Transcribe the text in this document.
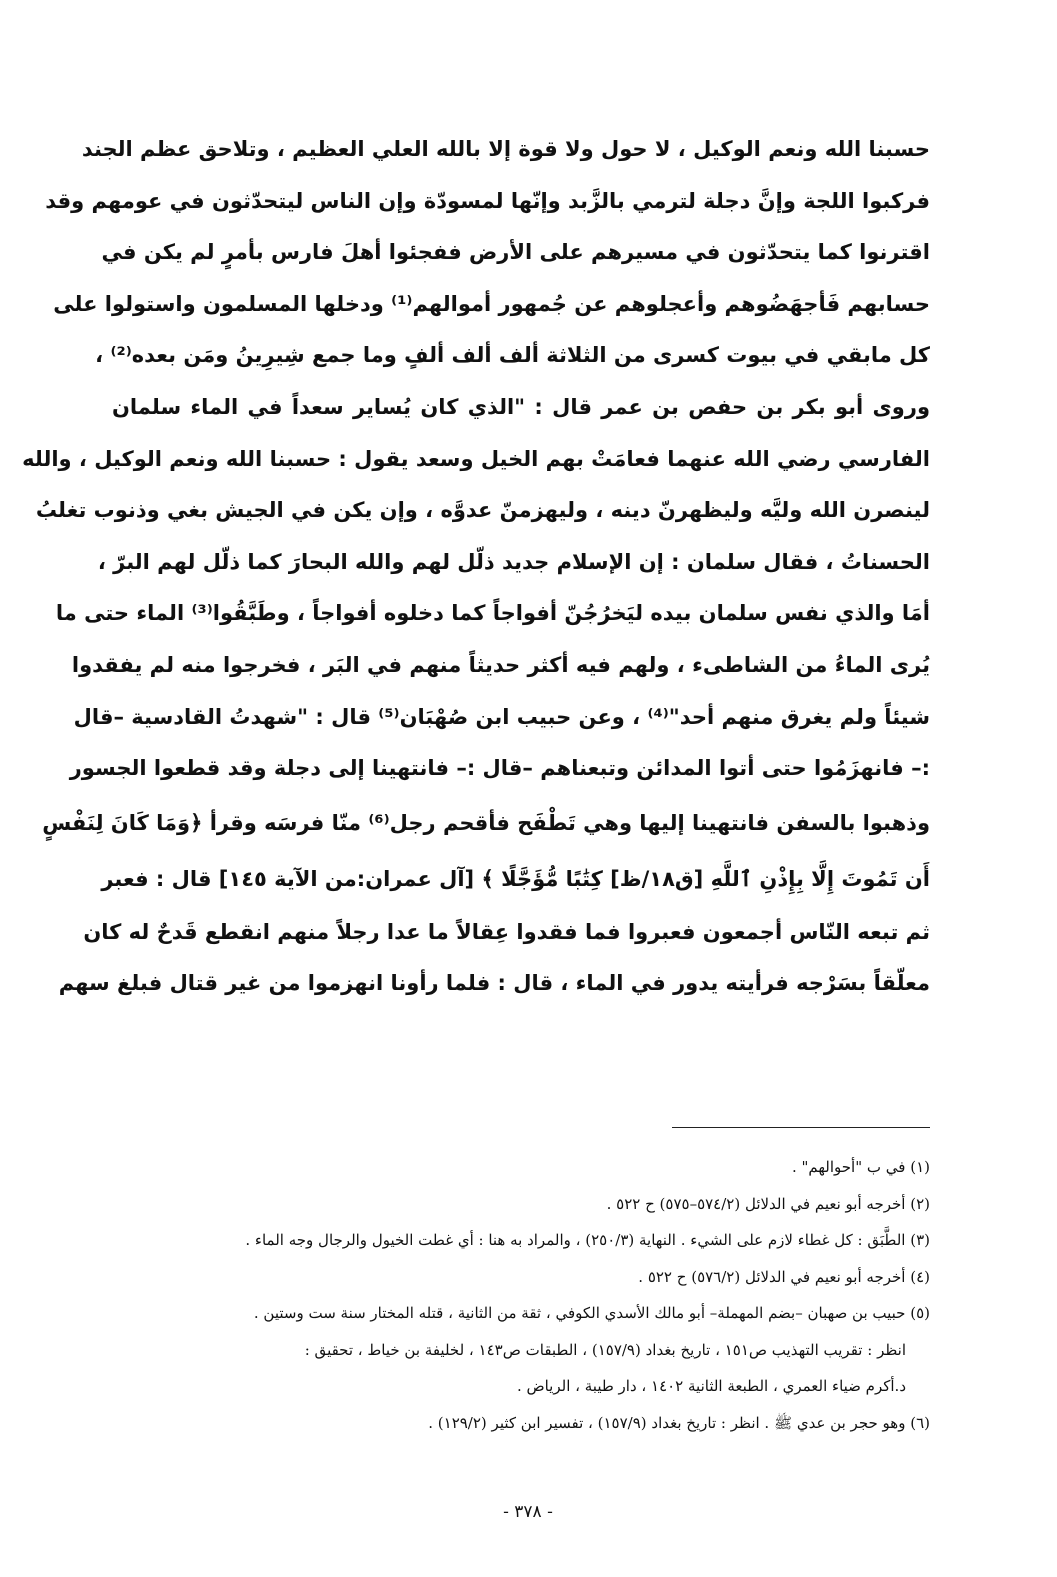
حسبنا الله ونعم الوكيل ، لا حول ولا قوة إلا بالله العلي العظيم ، وتلاحق عظم الجند
فركبوا اللجة وإنَّ دجلة لترمي بالزَّبد وإنّها لمسودّة وإن الناس ليتحدّثون في عومهم وقد
اقترنوا كما يتحدّثون في مسيرهم على الأرض ففجئوا أهلَ فارس بأمرٍ لم يكن في
حسابهم فَأجهَضُوهم وأعجلوهم عن جُمهور أموالهم⁽¹⁾ ودخلها المسلمون واستولوا على
كل مابقي في بيوت كسرى من الثلاثة ألف ألف ألفٍ وما جمع شِيرِينُ ومَن بعده⁽²⁾ ،
وروى أبو بكر بن حفص بن عمر قال : "الذي كان يُساير سعداً في الماء سلمان
الفارسي رضي الله عنهما فعامَتْ بهم الخيل وسعد يقول : حسبنا الله ونعم الوكيل ، والله
لينصرن الله وليَّه وليظهرنّ دينه ، وليهزمنّ عدوَّه ، وإن يكن في الجيش بغي وذنوب تغلبُ
الحسناتُ ، فقال سلمان : إن الإسلام جديد ذلّل لهم والله البحارَ كما ذلّل لهم البرّ ،
أمَا والذي نفس سلمان بيده ليَخرُجُنّ أفواجاً كما دخلوه أفواجاً ، وطَبَّقُوا⁽³⁾ الماء حتى ما
يُرى الماءُ من الشاطىء ، ولهم فيه أكثر حديثاً منهم في البَر ، فخرجوا منه لم يفقدوا
شيئاً ولم يغرق منهم أحد"⁽⁴⁾ ، وعن حبيب ابن صُهْبَان⁽⁵⁾ قال : "شهدتُ القادسية –قال
:– فانهزَمُوا حتى أتوا المدائن وتبعناهم –قال :– فانتهينا إلى دجلة وقد قطعوا الجسور
وذهبوا بالسفن فانتهينا إليها وهي تَطْفَح فأقحم رجل⁽⁶⁾ منّا فرسَه وقرأ ﴿وَمَا كَانَ لِنَفْسٍ
أَن تَمُوتَ إِلَّا بِإِذْنِ ٱللَّهِ [ق١٨/ظ] كِتَٰبًا مُّؤَجَّلًا ﴾ [آل عمران:من الآية ١٤٥] قال : فعبر
ثم تبعه النّاس أجمعون فعبروا فما فقدوا عِقالاً ما عدا رجلاً منهم انقطع قَدحٌ له كان
معلّقاً بسَرْجه فرأيته يدور في الماء ، قال : فلما رأونا انهزموا من غير قتال فبلغ سهم
(١) في ب "أحوالهم" .
(٢) أخرجه أبو نعيم في الدلائل (٥٧٤/٢–٥٧٥) ح ٥٢٢ .
(٣) الطَّبَق : كل غطاء لازم على الشيء . النهاية (٢٥٠/٣) ، والمراد به هنا : أي غطت الخيول والرجال وجه الماء .
(٤) أخرجه أبو نعيم في الدلائل (٥٧٦/٢) ح ٥٢٢ .
(٥) حبيب بن صهبان –بضم المهملة– أبو مالك الأسدي الكوفي ، ثقة من الثانية ، قتله المختار سنة ست وستين .
انظر : تقريب التهذيب ص١٥١ ، تاريخ بغداد (١٥٧/٩) ، الطبقات ص١٤٣ ، لخليفة بن خياط ، تحقيق :
د.أكرم ضياء العمري ، الطبعة الثانية ١٤٠٢ ، دار طيبة ، الرياض .
(٦) وهو حجر بن عدي ﷺ . انظر : تاريخ بغداد (١٥٧/٩) ، تفسير ابن كثير (١٢٩/٢) .
- ٣٧٨ -
